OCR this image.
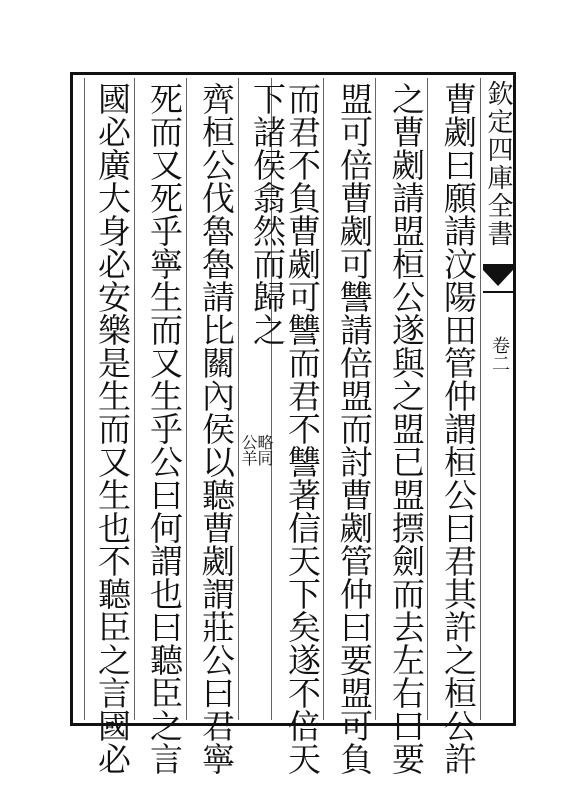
欽定四庫全書
卷二
曹劌曰願請汶陽田管仲謂桓公曰君其許之桓公許
之曹劌請盟桓公遂與之盟已盟摽劍而去左右曰要
盟可倍曹劌可讐請倍盟而討曹劌管仲曰要盟可負
而君不負曹劌可讐而君不讐著信天下矣遂不倍天
下諸侯翕然而歸之
略同
公羊
齊桓公伐魯魯請比關內侯以聽曹劌謂莊公曰君寧
死而又死乎寧生而又生乎公曰何謂也曰聽臣之言
國必廣大身必安樂是生而又生也不聽臣之言國必
